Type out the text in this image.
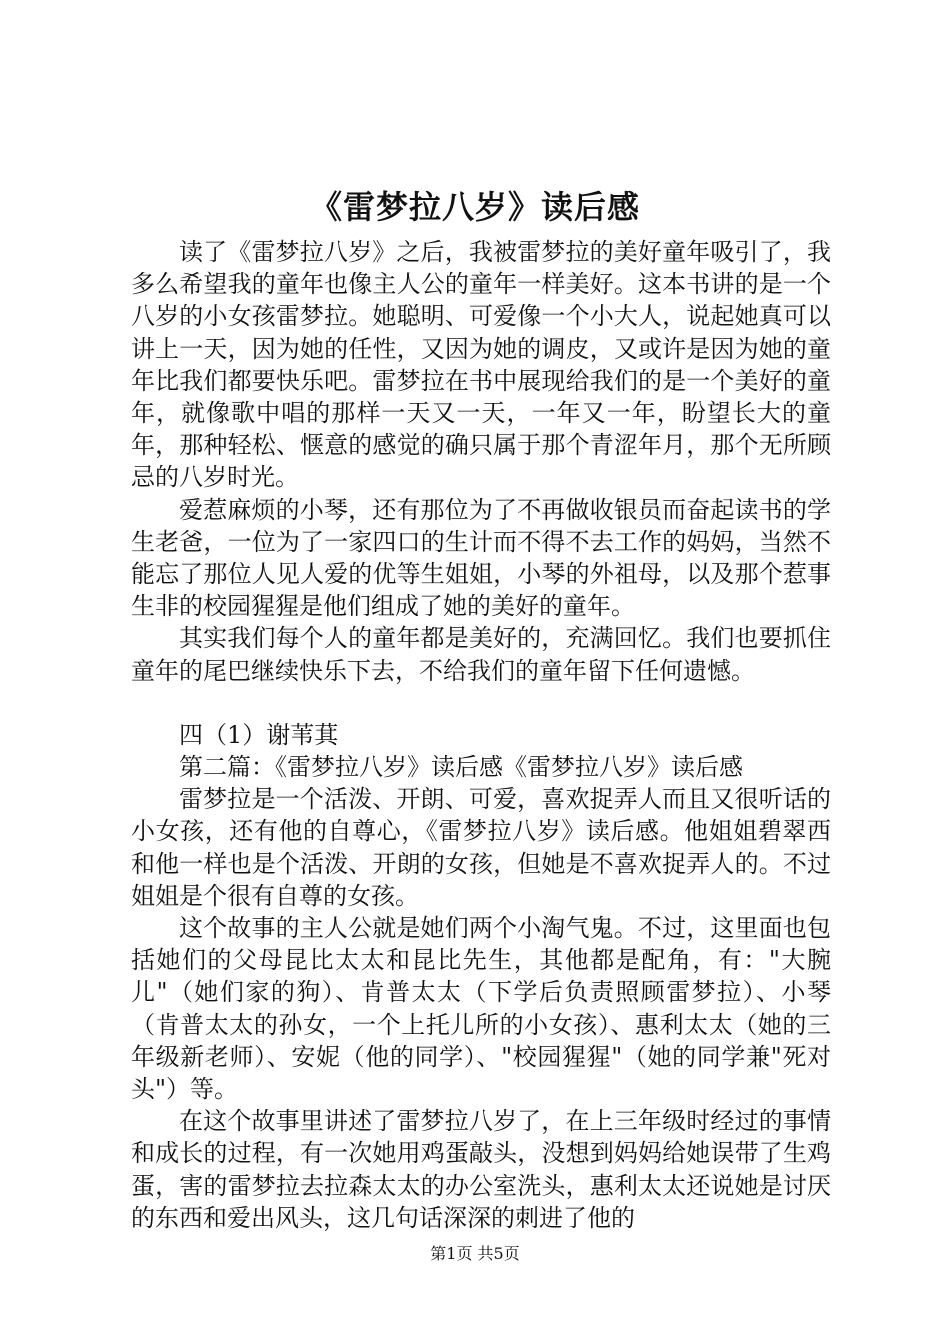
《雷梦拉八岁》读后感

读了《雷梦拉八岁》之后，我被雷梦拉的美好童年吸引了，我多么希望我的童年也像主人公的童年一样美好。这本书讲的是一个八岁的小女孩雷梦拉。她聪明、可爱像一个小大人，说起她真可以讲上一天，因为她的任性，又因为她的调皮，又或许是因为她的童年比我们都要快乐吧。雷梦拉在书中展现给我们的是一个美好的童年，就像歌中唱的那样一天又一天，一年又一年，盼望长大的童年，那种轻松、惬意的感觉的确只属于那个青涩年月，那个无所顾忌的八岁时光。

爱惹麻烦的小琴，还有那位为了不再做收银员而奋起读书的学生老爸，一位为了一家四口的生计而不得不去工作的妈妈，当然不能忘了那位人见人爱的优等生姐姐，小琴的外祖母，以及那个惹事生非的校园猩猩是他们组成了她的美好的童年。

其实我们每个人的童年都是美好的，充满回忆。我们也要抓住童年的尾巴继续快乐下去，不给我们的童年留下任何遗憾。

四（1）谢苇萁

第二篇：《雷梦拉八岁》读后感《雷梦拉八岁》读后感

雷梦拉是一个活泼、开朗、可爱，喜欢捉弄人而且又很听话的小女孩，还有他的自尊心，《雷梦拉八岁》读后感。他姐姐碧翠西和他一样也是个活泼、开朗的女孩，但她是不喜欢捉弄人的。不过姐姐是个很有自尊的女孩。

这个故事的主人公就是她们两个小淘气鬼。不过，这里面也包括她们的父母昆比太太和昆比先生，其他都是配角，有："大腕儿"（她们家的狗）、肯普太太（下学后负责照顾雷梦拉）、小琴（肯普太太的孙女，一个上托儿所的小女孩）、惠利太太（她的三年级新老师）、安妮（他的同学）、"校园猩猩"（她的同学兼"死对头"）等。

在这个故事里讲述了雷梦拉八岁了，在上三年级时经过的事情和成长的过程，有一次她用鸡蛋敲头，没想到妈妈给她误带了生鸡蛋，害的雷梦拉去拉森太太的办公室洗头，惠利太太还说她是讨厌的东西和爱出风头，这几句话深深的刺进了他的

第1页 共5页
